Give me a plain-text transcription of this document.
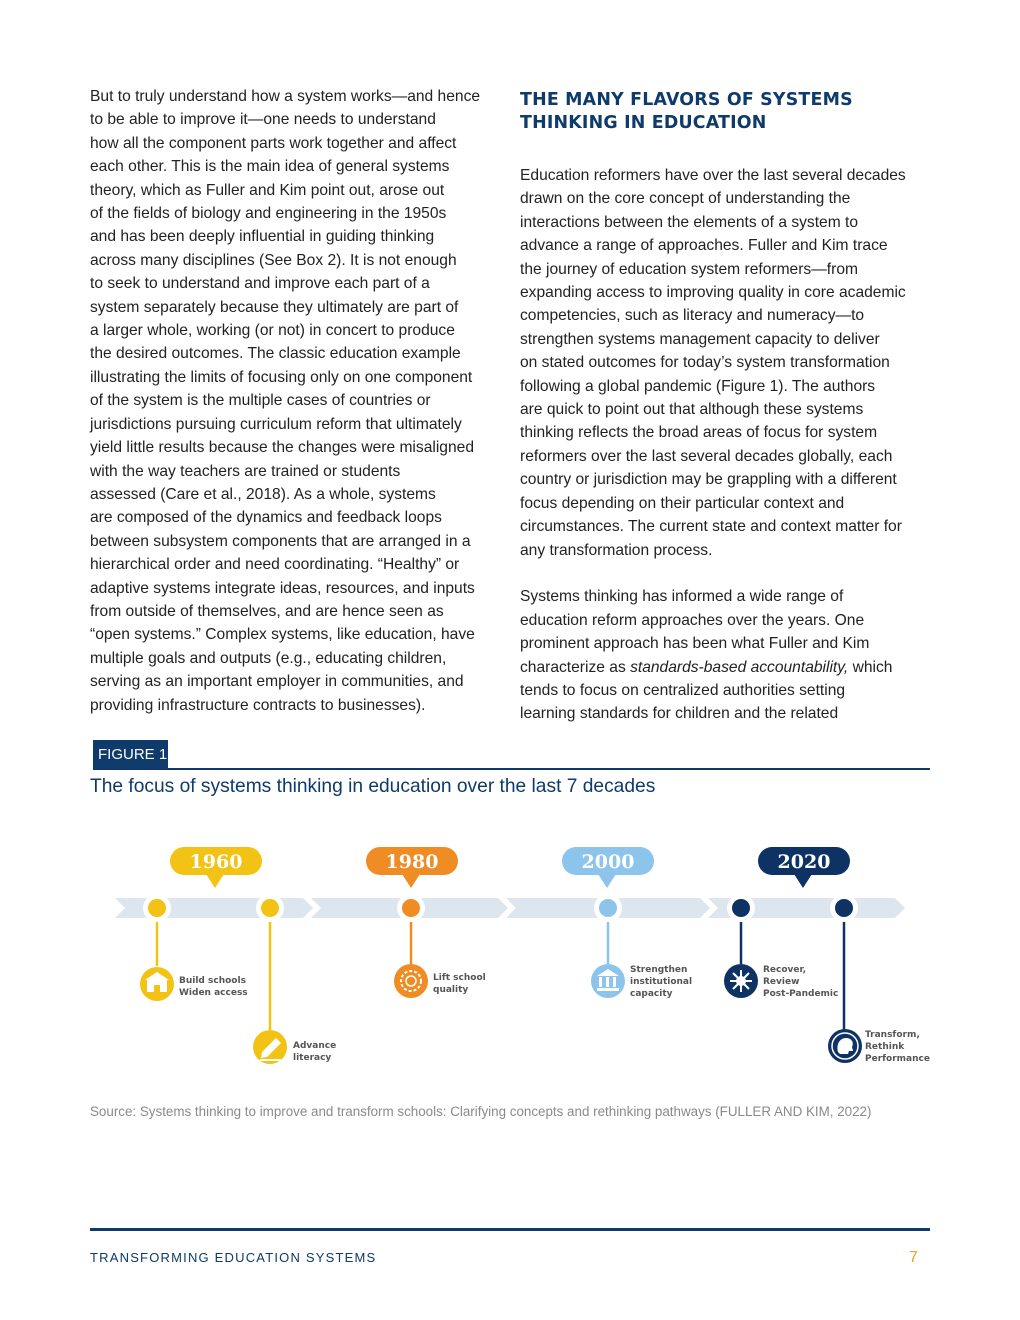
But to truly understand how a system works—and hence
to be able to improve it—one needs to understand
how all the component parts work together and affect
each other. This is the main idea of general systems
theory, which as Fuller and Kim point out, arose out
of the fields of biology and engineering in the 1950s
and has been deeply influential in guiding thinking
across many disciplines (See Box 2). It is not enough
to seek to understand and improve each part of a
system separately because they ultimately are part of
a larger whole, working (or not) in concert to produce
the desired outcomes. The classic education example
illustrating the limits of focusing only on one component
of the system is the multiple cases of countries or
jurisdictions pursuing curriculum reform that ultimately
yield little results because the changes were misaligned
with the way teachers are trained or students
assessed (Care et al., 2018). As a whole, systems
are composed of the dynamics and feedback loops
between subsystem components that are arranged in a
hierarchical order and need coordinating. “Healthy” or
adaptive systems integrate ideas, resources, and inputs
from outside of themselves, and are hence seen as
“open systems.” Complex systems, like education, have
multiple goals and outputs (e.g., educating children,
serving as an important employer in communities, and
providing infrastructure contracts to businesses).

THE MANY FLAVORS OF SYSTEMS
THINKING IN EDUCATION

Education reformers have over the last several decades
drawn on the core concept of understanding the
interactions between the elements of a system to
advance a range of approaches. Fuller and Kim trace
the journey of education system reformers—from
expanding access to improving quality in core academic
competencies, such as literacy and numeracy—to
strengthen systems management capacity to deliver
on stated outcomes for today’s system transformation
following a global pandemic (Figure 1). The authors
are quick to point out that although these systems
thinking reflects the broad areas of focus for system
reformers over the last several decades globally, each
country or jurisdiction may be grappling with a different
focus depending on their particular context and
circumstances. The current state and context matter for
any transformation process.

Systems thinking has informed a wide range of
education reform approaches over the years. One
prominent approach has been what Fuller and Kim
characterize as standards-based accountability, which
tends to focus on centralized authorities setting
learning standards for children and the related

FIGURE 1
The focus of systems thinking in education over the last 7 decades
1960	1980	2000	2020
Build schools
Widen access
Advance
literacy
Lift school
quality
Strengthen
institutional
capacity
Recover,
Review
Post-Pandemic
Transform,
Rethink
Performance
Source: Systems thinking to improve and transform schools: Clarifying concepts and rethinking pathways (FULLER AND KIM, 2022)
TRANSFORMING EDUCATION SYSTEMS	7
